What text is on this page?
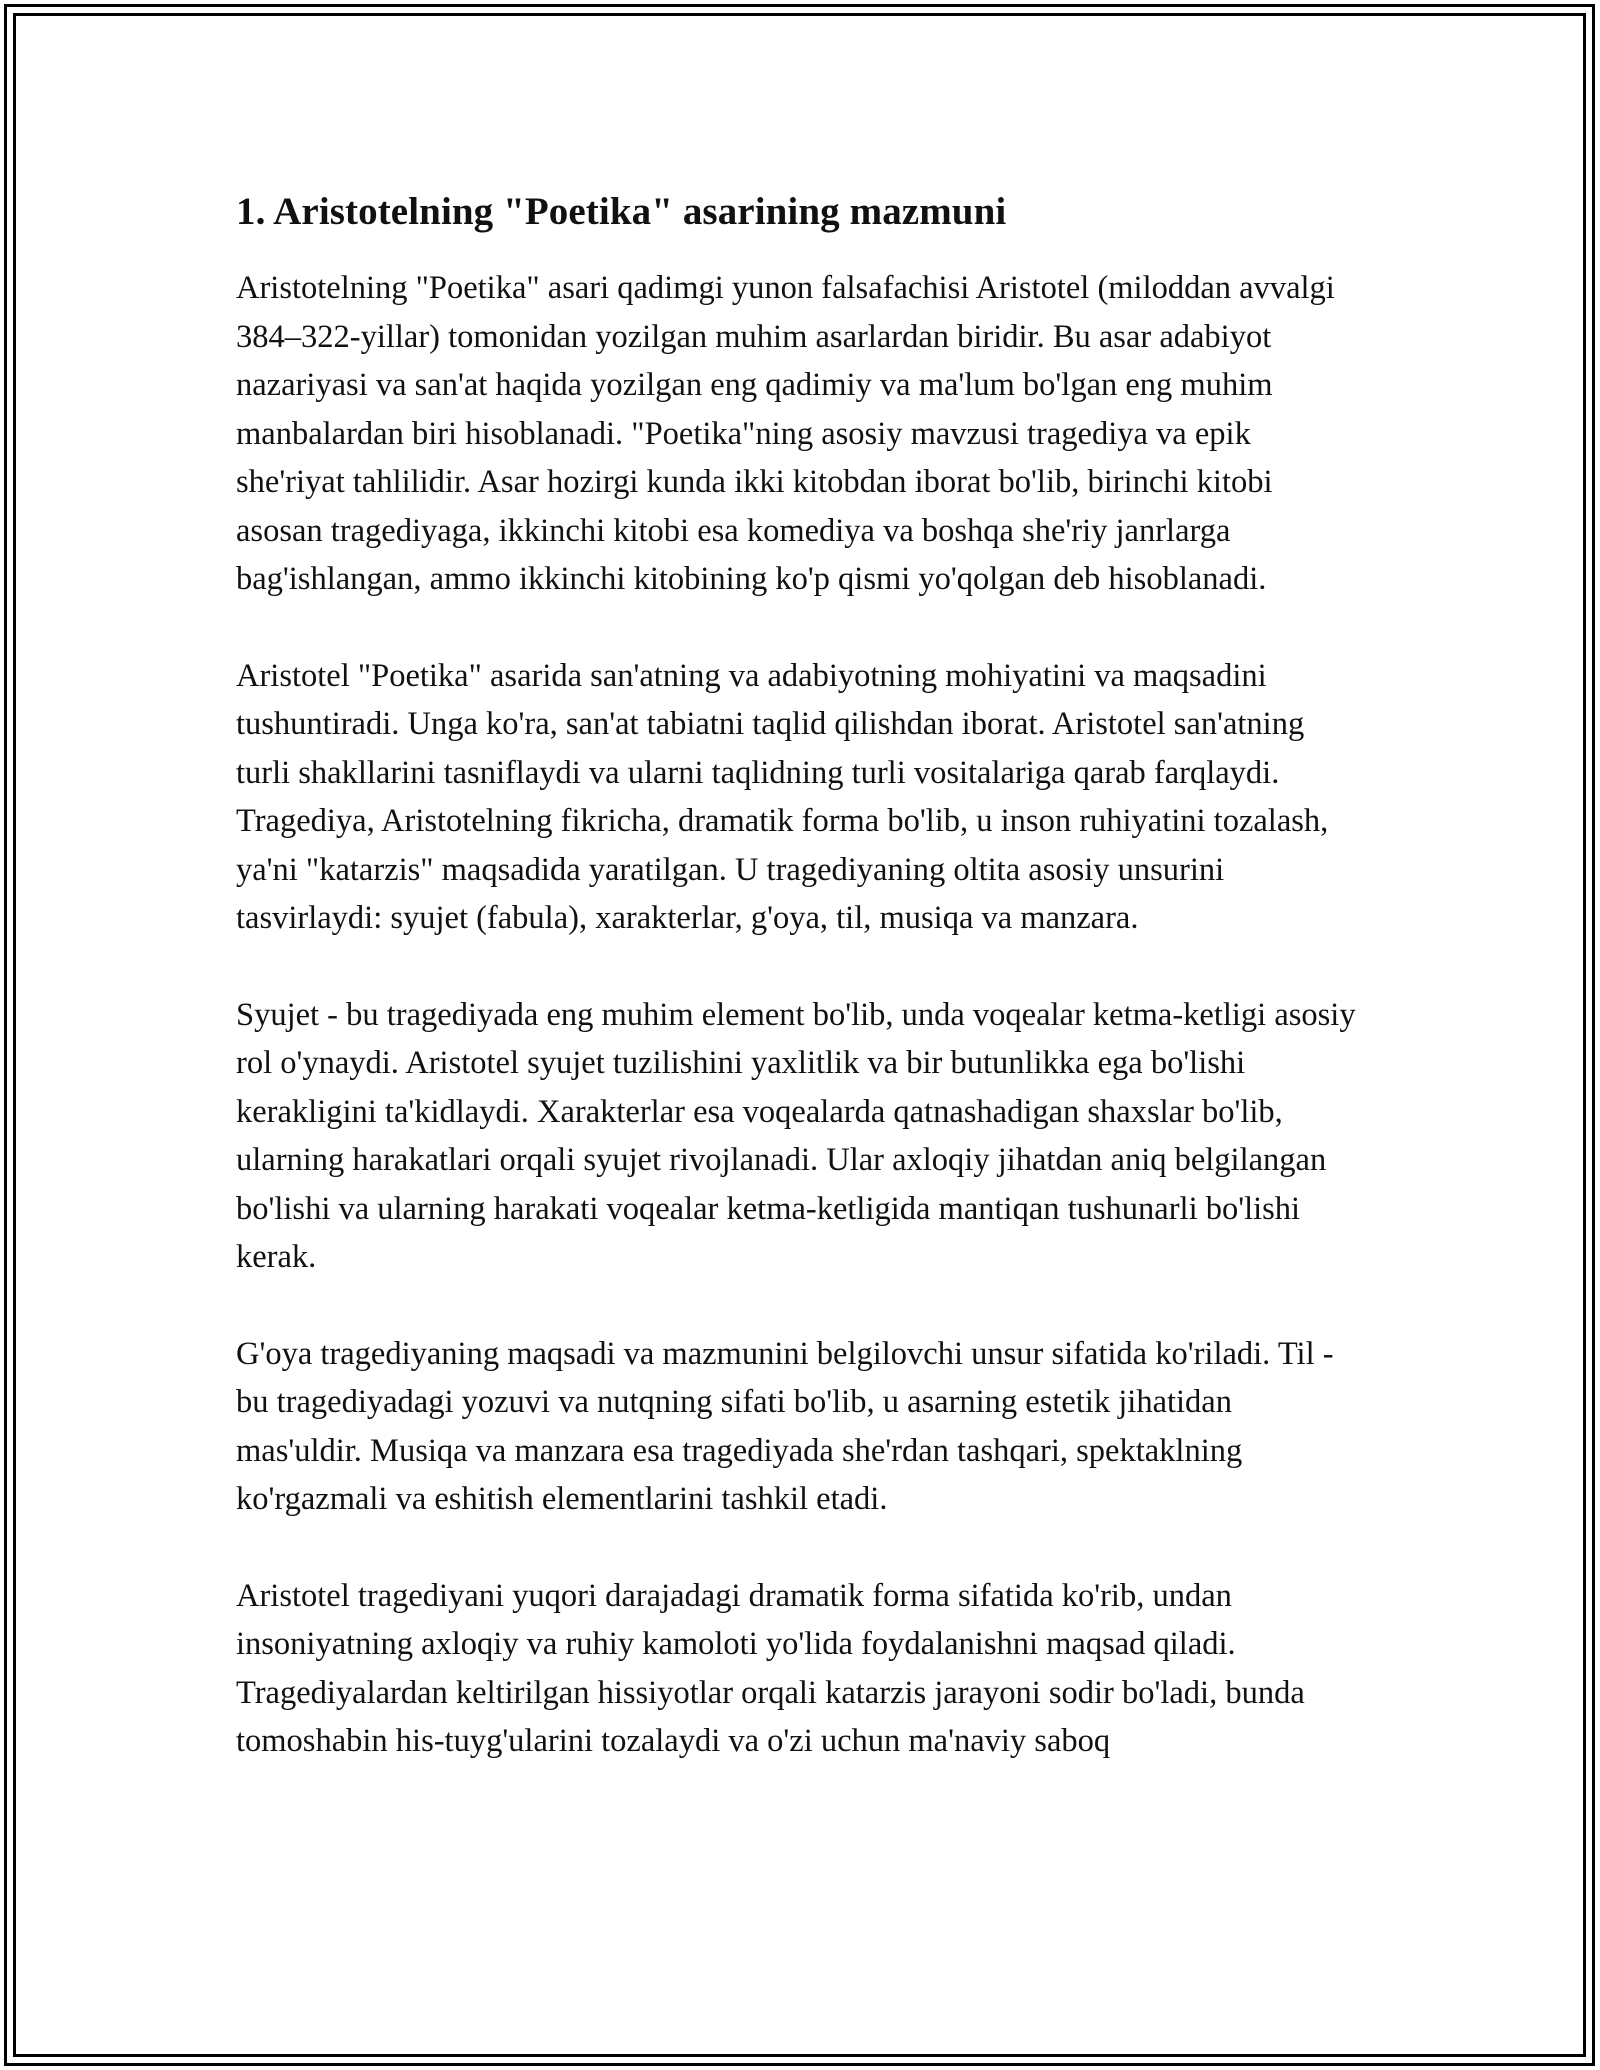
1. Aristotelning "Poetika" asarining mazmuni

Aristotelning "Poetika" asari qadimgi yunon falsafachisi Aristotel (miloddan avvalgi 384–322-yillar) tomonidan yozilgan muhim asarlardan biridir. Bu asar adabiyot nazariyasi va san'at haqida yozilgan eng qadimiy va ma'lum bo'lgan eng muhim manbalardan biri hisoblanadi. "Poetika"ning asosiy mavzusi tragediya va epik she'riyat tahlilidir. Asar hozirgi kunda ikki kitobdan iborat bo'lib, birinchi kitobi asosan tragediyaga, ikkinchi kitobi esa komediya va boshqa she'riy janrlarga bag'ishlangan, ammo ikkinchi kitobining ko'p qismi yo'qolgan deb hisoblanadi.

Aristotel "Poetika" asarida san'atning va adabiyotning mohiyatini va maqsadini tushuntiradi. Unga ko'ra, san'at tabiatni taqlid qilishdan iborat. Aristotel san'atning turli shakllarini tasniflaydi va ularni taqlidning turli vositalariga qarab farqlaydi. Tragediya, Aristotelning fikricha, dramatik forma bo'lib, u inson ruhiyatini tozalash, ya'ni "katarzis" maqsadida yaratilgan. U tragediyaning oltita asosiy unsurini tasvirlaydi: syujet (fabula), xarakterlar, g'oya, til, musiqa va manzara.

Syujet - bu tragediyada eng muhim element bo'lib, unda voqealar ketma-ketligi asosiy rol o'ynaydi. Aristotel syujet tuzilishini yaxlitlik va bir butunlikka ega bo'lishi kerakligini ta'kidlaydi. Xarakterlar esa voqealarda qatnashadigan shaxslar bo'lib, ularning harakatlari orqali syujet rivojlanadi. Ular axloqiy jihatdan aniq belgilangan bo'lishi va ularning harakati voqealar ketma-ketligida mantiqan tushunarli bo'lishi kerak.

G'oya tragediyaning maqsadi va mazmunini belgilovchi unsur sifatida ko'riladi. Til - bu tragediyadagi yozuvi va nutqning sifati bo'lib, u asarning estetik jihatidan mas'uldir. Musiqa va manzara esa tragediyada she'rdan tashqari, spektaklning ko'rgazmali va eshitish elementlarini tashkil etadi.

Aristotel tragediyani yuqori darajadagi dramatik forma sifatida ko'rib, undan insoniyatning axloqiy va ruhiy kamoloti yo'lida foydalanishni maqsad qiladi. Tragediyalardan keltirilgan hissiyotlar orqali katarzis jarayoni sodir bo'ladi, bunda tomoshabin his-tuyg'ularini tozalaydi va o'zi uchun ma'naviy saboq
